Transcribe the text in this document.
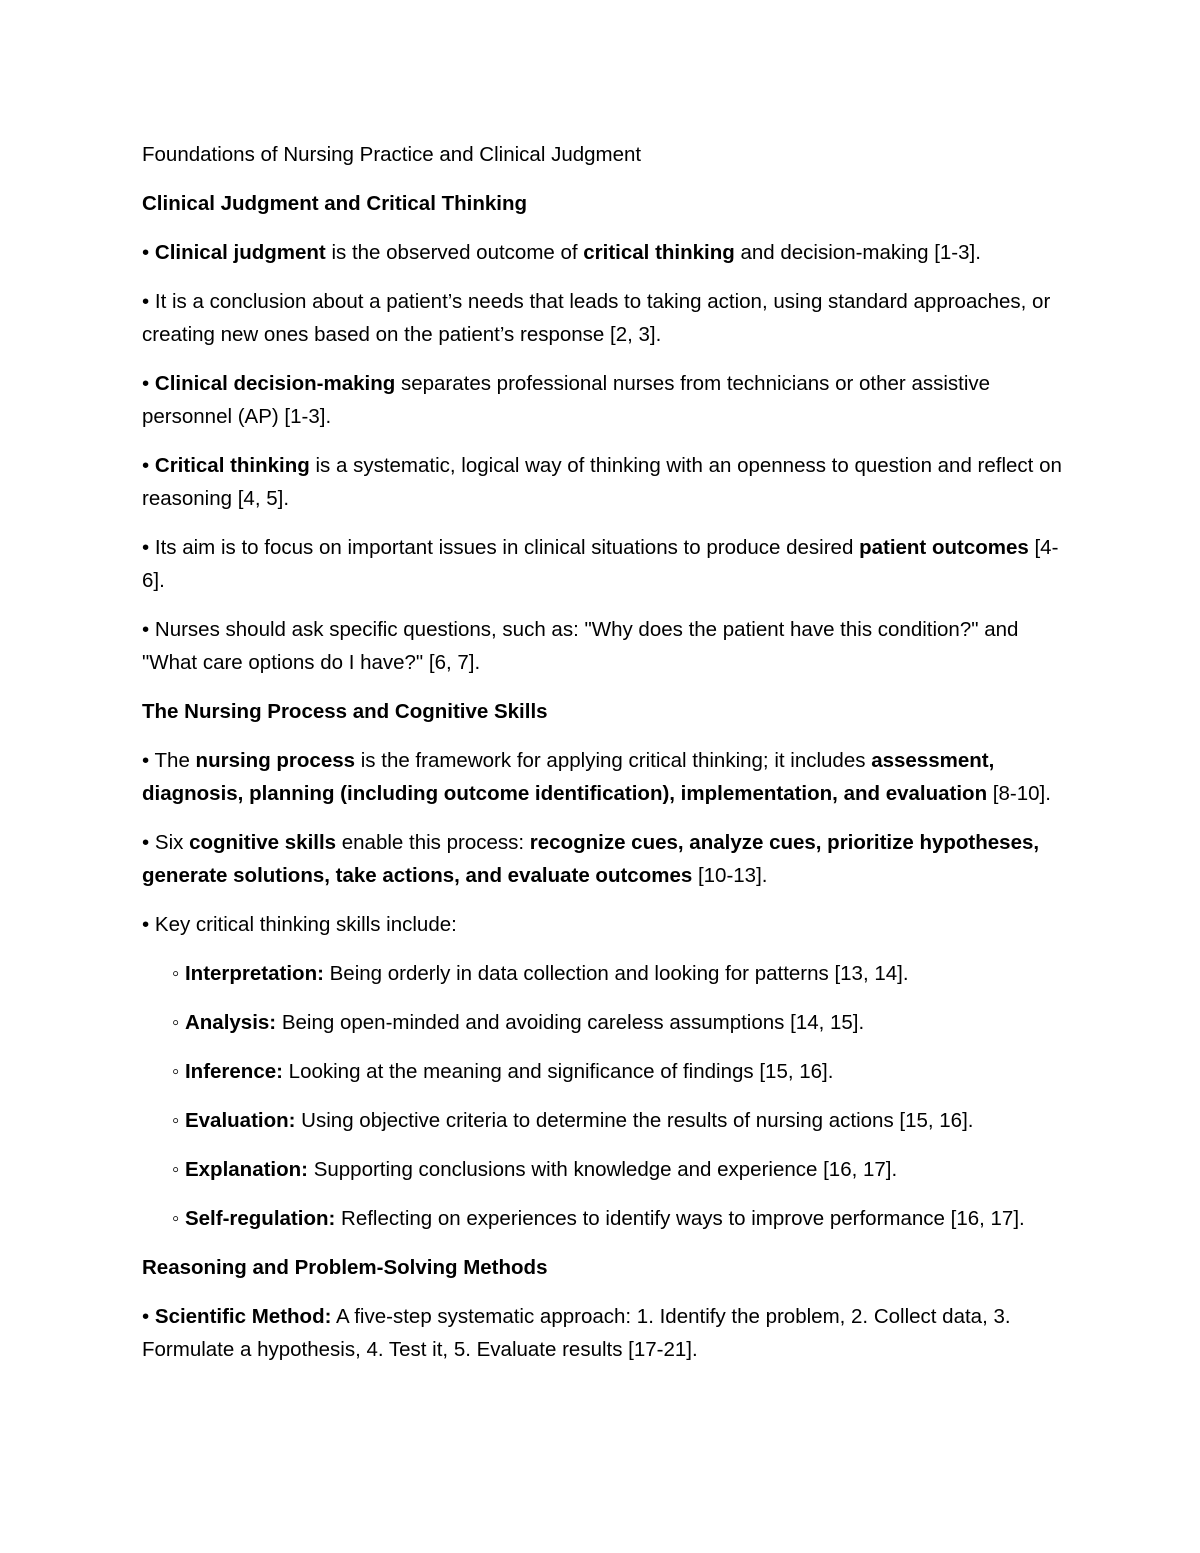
Foundations of Nursing Practice and Clinical Judgment
Clinical Judgment and Critical Thinking
• Clinical judgment is the observed outcome of critical thinking and decision-making [1-3].
• It is a conclusion about a patient’s needs that leads to taking action, using standard approaches, or creating new ones based on the patient’s response [2, 3].
• Clinical decision-making separates professional nurses from technicians or other assistive personnel (AP) [1-3].
• Critical thinking is a systematic, logical way of thinking with an openness to question and reflect on reasoning [4, 5].
• Its aim is to focus on important issues in clinical situations to produce desired patient outcomes [4-6].
• Nurses should ask specific questions, such as: "Why does the patient have this condition?" and "What care options do I have?" [6, 7].
The Nursing Process and Cognitive Skills
• The nursing process is the framework for applying critical thinking; it includes assessment, diagnosis, planning (including outcome identification), implementation, and evaluation [8-10].
• Six cognitive skills enable this process: recognize cues, analyze cues, prioritize hypotheses, generate solutions, take actions, and evaluate outcomes [10-13].
• Key critical thinking skills include:
◦ Interpretation: Being orderly in data collection and looking for patterns [13, 14].
◦ Analysis: Being open-minded and avoiding careless assumptions [14, 15].
◦ Inference: Looking at the meaning and significance of findings [15, 16].
◦ Evaluation: Using objective criteria to determine the results of nursing actions [15, 16].
◦ Explanation: Supporting conclusions with knowledge and experience [16, 17].
◦ Self-regulation: Reflecting on experiences to identify ways to improve performance [16, 17].
Reasoning and Problem-Solving Methods
• Scientific Method: A five-step systematic approach: 1. Identify the problem, 2. Collect data, 3. Formulate a hypothesis, 4. Test it, 5. Evaluate results [17-21].
